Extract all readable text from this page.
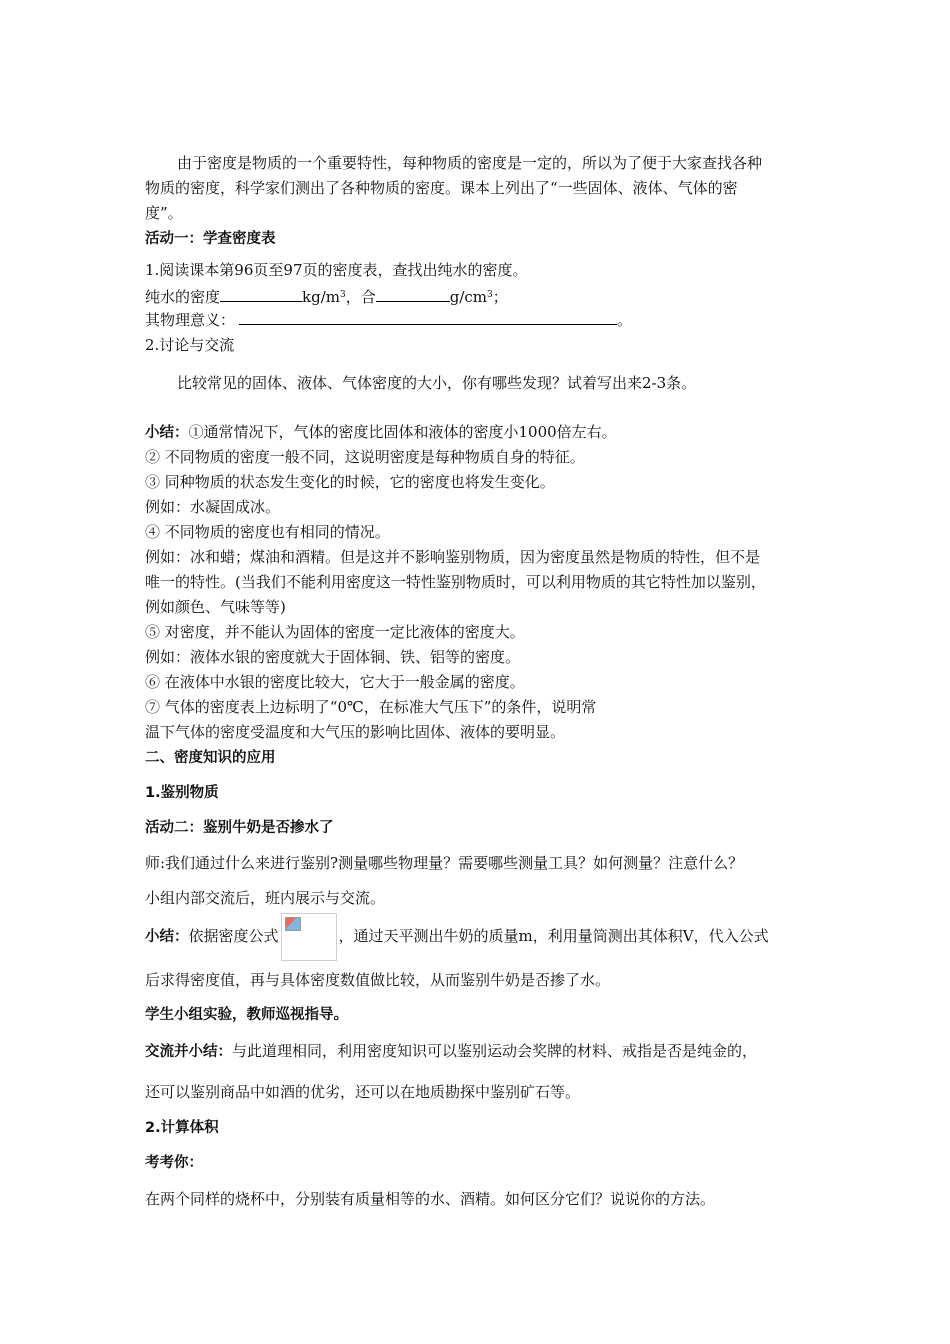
由于密度是物质的一个重要特性，每种物质的密度是一定的，所以为了便于大家查找各种
物质的密度，科学家们测出了各种物质的密度。课本上列出了“一些固体、液体、气体的密
度”。
活动一：学查密度表
1.阅读课本第96页至97页的密度表，查找出纯水的密度。
纯水的密度	$kg/m^3$，合	$g/cm^3$；
其物理意义：	。
2.讨论与交流
比较常见的固体、液体、气体密度的大小，你有哪些发现？试着写出来2-3条。
小结：①通常情况下，气体的密度比固体和液体的密度小1000倍左右。
② 不同物质的密度一般不同，这说明密度是每种物质自身的特征。
③ 同种物质的状态发生变化的时候，它的密度也将发生变化。
例如：水凝固成冰。
④ 不同物质的密度也有相同的情况。
例如：冰和蜡；煤油和酒精。但是这并不影响鉴别物质，因为密度虽然是物质的特性，但不是
唯一的特性。(当我们不能利用密度这一特性鉴别物质时，可以利用物质的其它特性加以鉴别，
例如颜色、气味等等)
⑤ 对密度，并不能认为固体的密度一定比液体的密度大。
例如：液体水银的密度就大于固体铜、铁、铝等的密度。
⑥ 在液体中水银的密度比较大，它大于一般金属的密度。
⑦ 气体的密度表上边标明了“0℃，在标准大气压下”的条件，说明常
温下气体的密度受温度和大气压的影响比固体、液体的要明显。
二、密度知识的应用
1.鉴别物质
活动二：鉴别牛奶是否掺水了
师:我们通过什么来进行鉴别?测量哪些物理量？需要哪些测量工具？如何测量？注意什么？
小组内部交流后，班内展示与交流。
小结：依据密度公式	，通过天平测出牛奶的质量m，利用量筒测出其体积V，代入公式
后求得密度值，再与具体密度数值做比较，从而鉴别牛奶是否掺了水。
学生小组实验，教师巡视指导。
交流并小结：与此道理相同，利用密度知识可以鉴别运动会奖牌的材料、戒指是否是纯金的，
还可以鉴别商品中如酒的优劣，还可以在地质勘探中鉴别矿石等。
2.计算体积
考考你：
在两个同样的烧杯中，分别装有质量相等的水、酒精。如何区分它们？说说你的方法。
